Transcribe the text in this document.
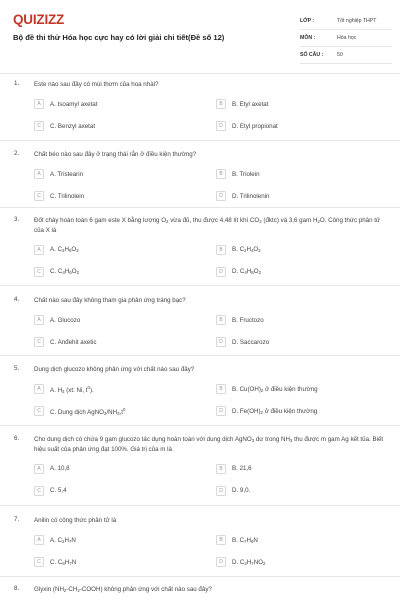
QUIZIZZ
Bộ đề thi thử Hóa học cực hay có lời giải chi tiết(Đề số 12)
LỚP :	Tốt nghiệp THPT
MÔN :	Hóa học
SỐ CÂU :	50
1. Este nào sau đây có mùi thơm của hoa nhài?
A	A. Isoamyl axetat	B	B. Etyl axetat
C	C. Benzyl axetat	D	D. Etyl propionat
2. Chất béo nào sau đây ở trạng thái rắn ở điều kiện thường?
A	A. Tristearin	B	B. Triolein
C	C. Trilinolein	D	D. Trilinolenin
3. Đốt cháy hoàn toàn 6 gam este X bằng lượng $O_2$ vừa đủ, thu được 4,48 lít khí $CO_2$ (đktc) và 3,6 gam $H_2O$. Công thức phân tử của X là
A	A. $C_3H_6O_2$	B	B. $C_2H_4O_2$
C	C. $C_4H_6O_2$	D	D. $C_4H_8O_2$
4. Chất nào sau đây không tham gia phản ứng tráng bạc?
A	A. Glucozo	B	B. Fructozo
C	C. Anđehit axetic	D	D. Saccarozo
5. Dung dịch glucozo không phản ứng với chất nào sau đây?
A	A. $H_2$ (xt: Ni, $t^0$).	B	B. $Cu(OH)_2$ ở điều kiện thường
C	C. Dung dịch $AgNO_3/NH_3,t^0$	D	D. $Fe(OH)_2$ ở điều kiện thường
6. Cho dung dịch có chứa 9 gam glucozo tác dụng hoàn toàn với dung dịch AgNO$_3$ dư trong $NH_3$ thu được m gam Ag kết tủa. Biết hiệu suất của phản ứng đạt 100%. Giá trị của m là
A	A. 10,8	B	B. 21,6
C	C. 5,4	D	D. 9,0.
7. Anilin có công thức phân tử là
A	A. $C_2H_7N$	B	B. $C_7H_9N$
C	C. $C_6H_7N$	D	D. $C_2H_7NO_2$
8. Glyxin $(NH_2-CH_2-COOH)$ không phản ứng với chất nào sau đây?
